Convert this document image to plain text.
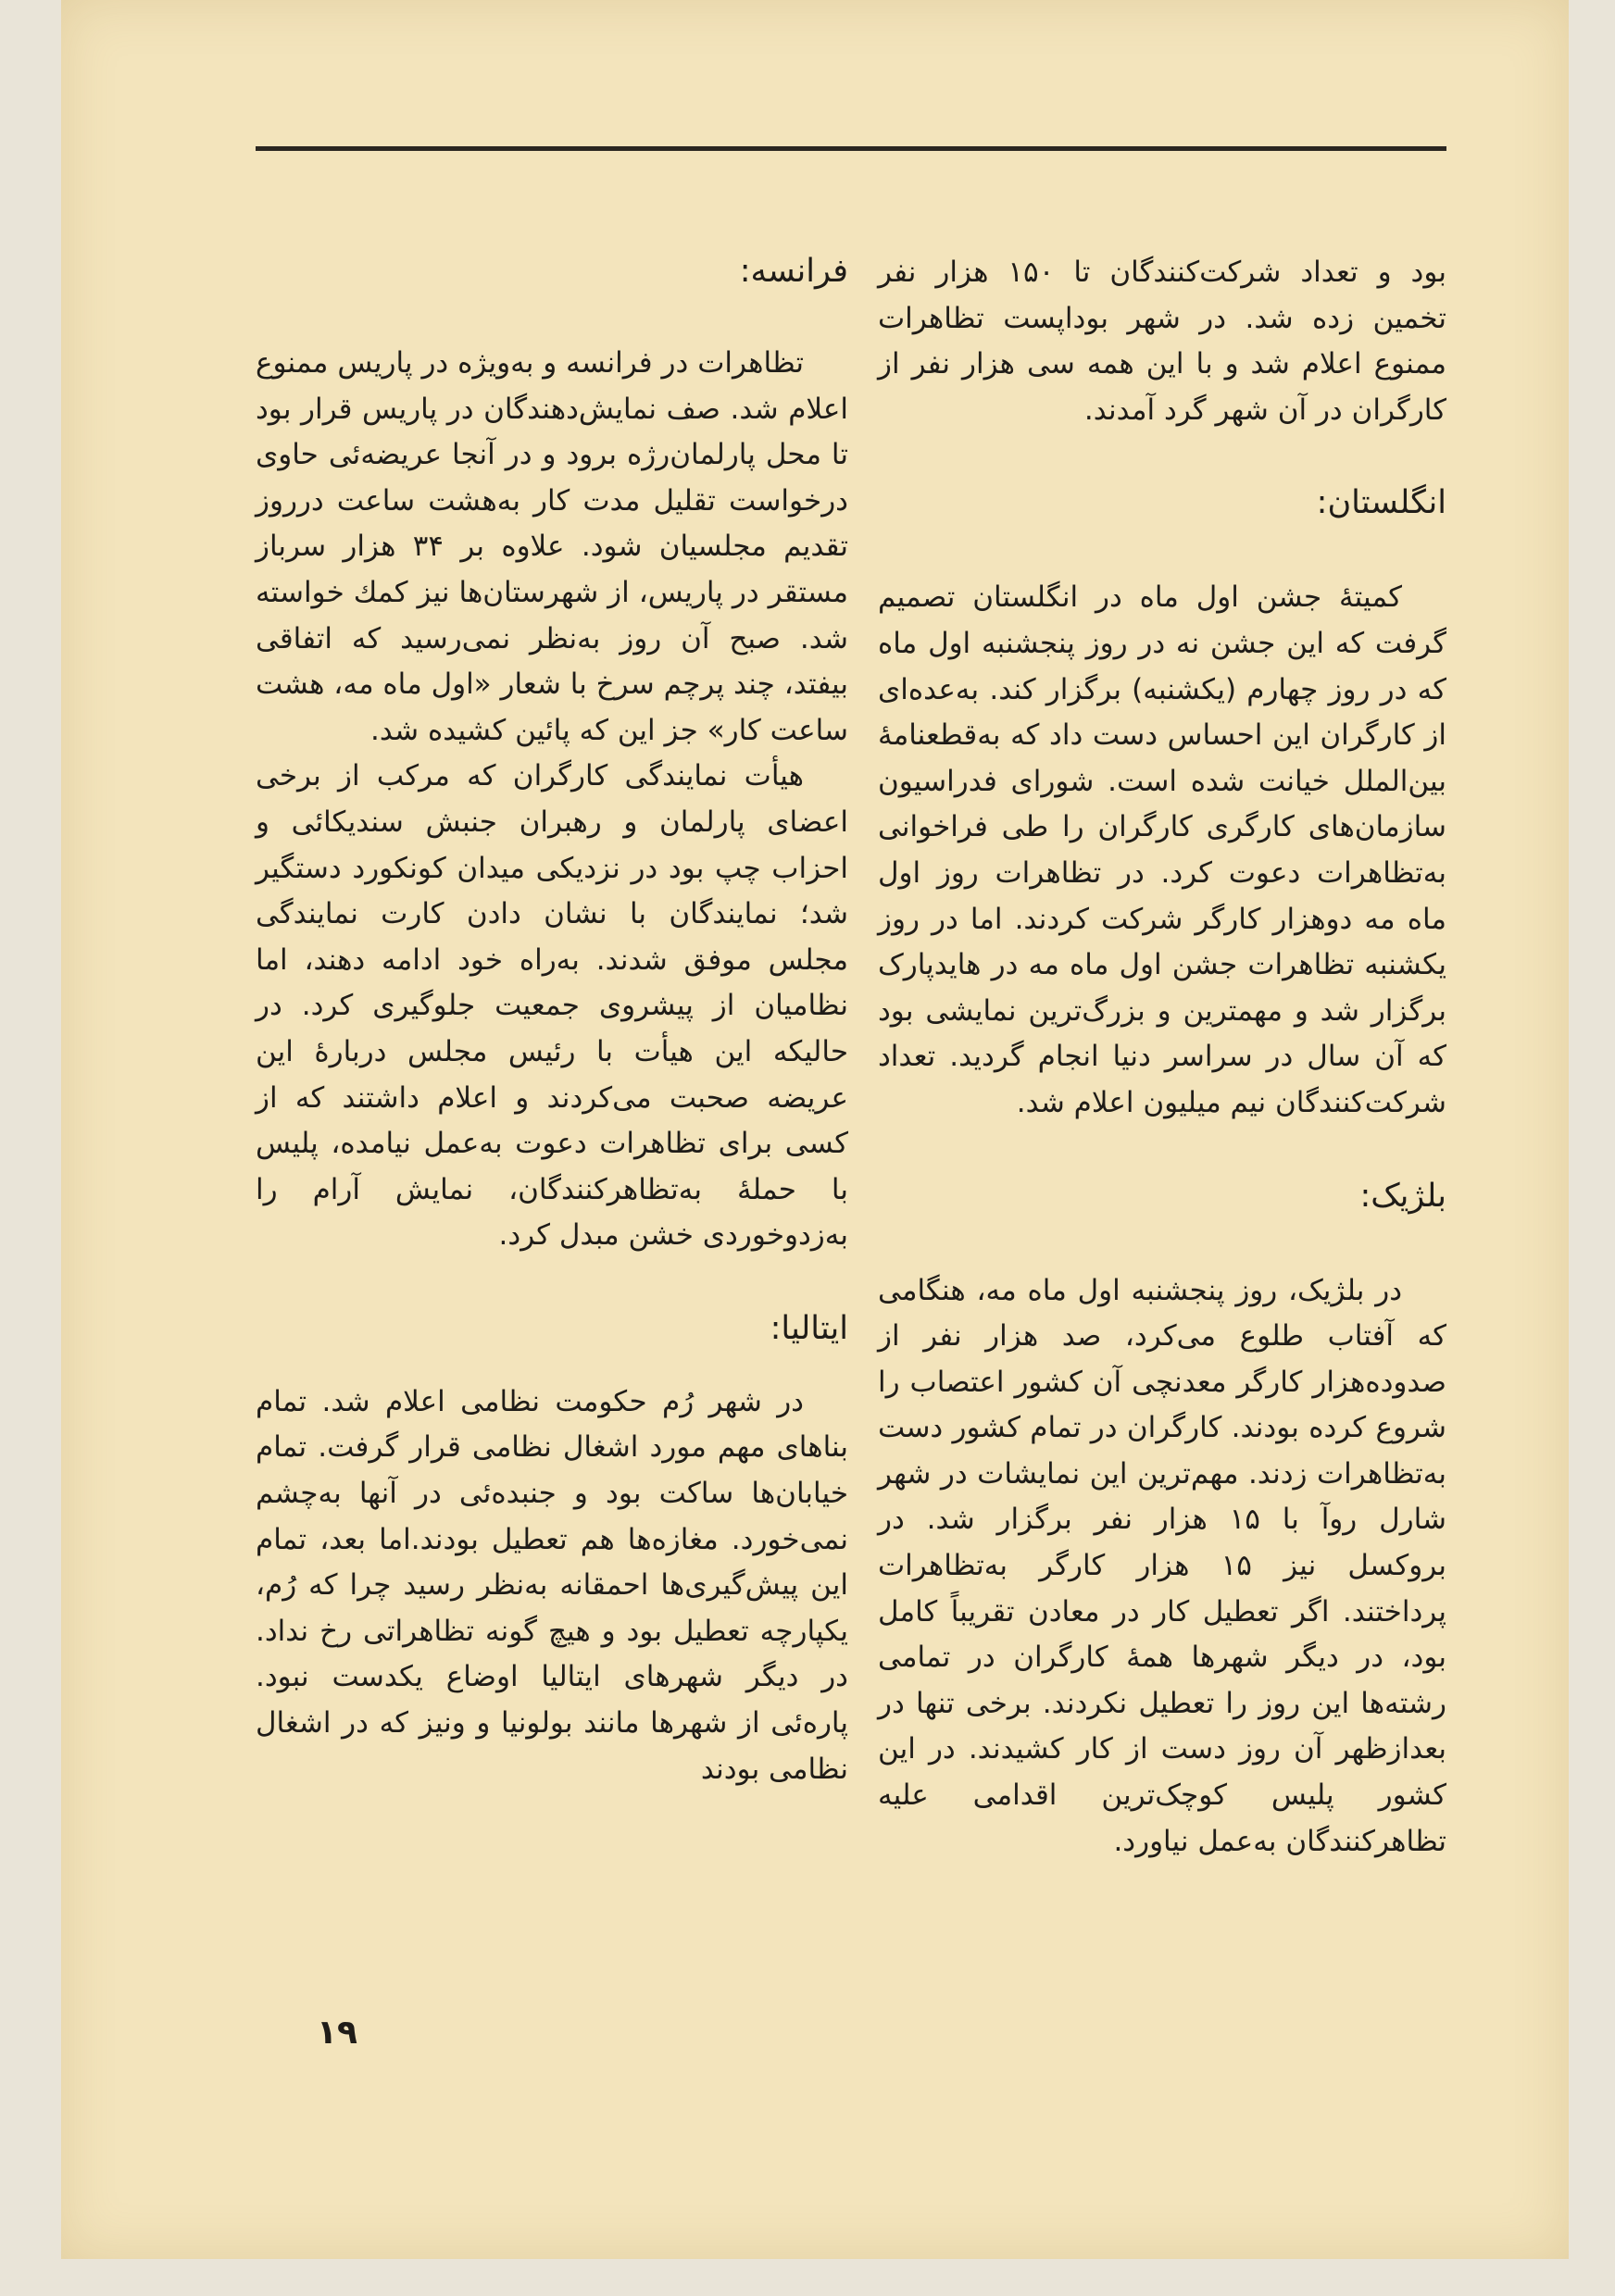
بود و تعداد شرکت‌کنندگان تا ۱۵۰ هزار نفر تخمین زده شد. در شهر بوداپست تظاهرات ممنوع اعلام شد و با این همه سی هزار نفر از کارگران در آن شهر گرد آمدند.

انگلستان:

کمیتهٔ جشن اول ماه در انگلستان تصمیم گرفت که این جشن نه در روز پنجشنبه اول ماه که در روز چهارم (یکشنبه) برگزار کند. به‌عده‌ای از کارگران این احساس دست داد که به‌قطعنامهٔ بین‌الملل خیانت شده است. شورای فدراسیون سازمان‌های کارگری کارگران را طی فراخوانی به‌تظاهرات دعوت کرد. در تظاهرات روز اول ماه مه دوهزار کارگر شرکت کردند. اما در روز یکشنبه تظاهرات جشن اول ماه مه در هایدپارک برگزار شد و مهمترین و بزرگ‌ترین نمایشی بود که آن سال در سراسر دنیا انجام گردید. تعداد شرکت‌کنندگان نیم میلیون اعلام شد.

بلژیک:

در بلژیک، روز پنجشنبه اول ماه مه، هنگامی که آفتاب طلوع می‌کرد، صد هزار نفر از صدوده‌هزار کارگر معدنچی آن کشور اعتصاب را شروع کرده بودند. کارگران در تمام کشور دست به‌تظاهرات زدند. مهم‌ترین این نمایشات در شهر شارل روآ با ۱۵ هزار نفر برگزار شد. در بروکسل نیز ۱۵ هزار کارگر به‌تظاهرات پرداختند. اگر تعطیل کار در معادن تقریباً کامل بود، در دیگر شهرها همهٔ کارگران در تمامی رشته‌ها این روز را تعطیل نکردند. برخی تنها در بعدازظهر آن روز دست از کار کشیدند. در این کشور پلیس کوچک‌ترین اقدامی علیه تظاهرکنندگان به‌عمل نیاورد.

فرانسه:

تظاهرات در فرانسه و به‌ویژه در پاریس ممنوع اعلام شد. صف نمایش‌دهندگان در پاریس قرار بود تا محل پارلمان‌رژه برود و در آنجا عریضه‌ئی حاوی درخواست تقلیل مدت کار به‌هشت ساعت درروز تقدیم مجلسیان شود. علاوه بر ۳۴ هزار سرباز مستقر در پاریس، از شهرستان‌ها نیز کمك خواسته شد. صبح آن روز به‌نظر نمی‌رسید که اتفاقی بیفتد، چند پرچم سرخ با شعار «اول ماه مه، هشت ساعت کار» جز این که پائین کشیده شد.

هیأت نمایندگی کارگران که مرکب از برخی اعضای پارلمان و رهبران جنبش سندیکائی و احزاب چپ بود در نزدیکی میدان کونکورد دستگیر شد؛ نمایندگان با نشان دادن کارت نمایندگی مجلس موفق شدند. به‌راه خود ادامه دهند، اما نظامیان از پیشروی جمعیت جلوگیری کرد. در حالیکه این هیأت با رئیس مجلس دربارهٔ این عریضه صحبت می‌کردند و اعلام داشتند که از کسی برای تظاهرات دعوت به‌عمل نیامده، پلیس با حملهٔ به‌تظاهرکنندگان، نمایش آرام را به‌زدوخوردی خشن مبدل کرد.

ایتالیا:

در شهر رُم حکومت نظامی اعلام شد. تمام بناهای مهم مورد اشغال نظامی قرار گرفت. تمام خیابان‌ها ساکت بود و جنبده‌ئی در آنها به‌چشم نمی‌خورد. مغازه‌ها هم تعطیل بودند.اما بعد، تمام این پیش‌گیری‌ها احمقانه به‌نظر رسید چرا که رُم، یکپارچه تعطیل بود و هیچ گونه تظاهراتی رخ نداد. در دیگر شهرهای ایتالیا اوضاع یکدست نبود. پاره‌ئی از شهرها مانند بولونیا و ونیز که در اشغال نظامی بودند

۱۹
